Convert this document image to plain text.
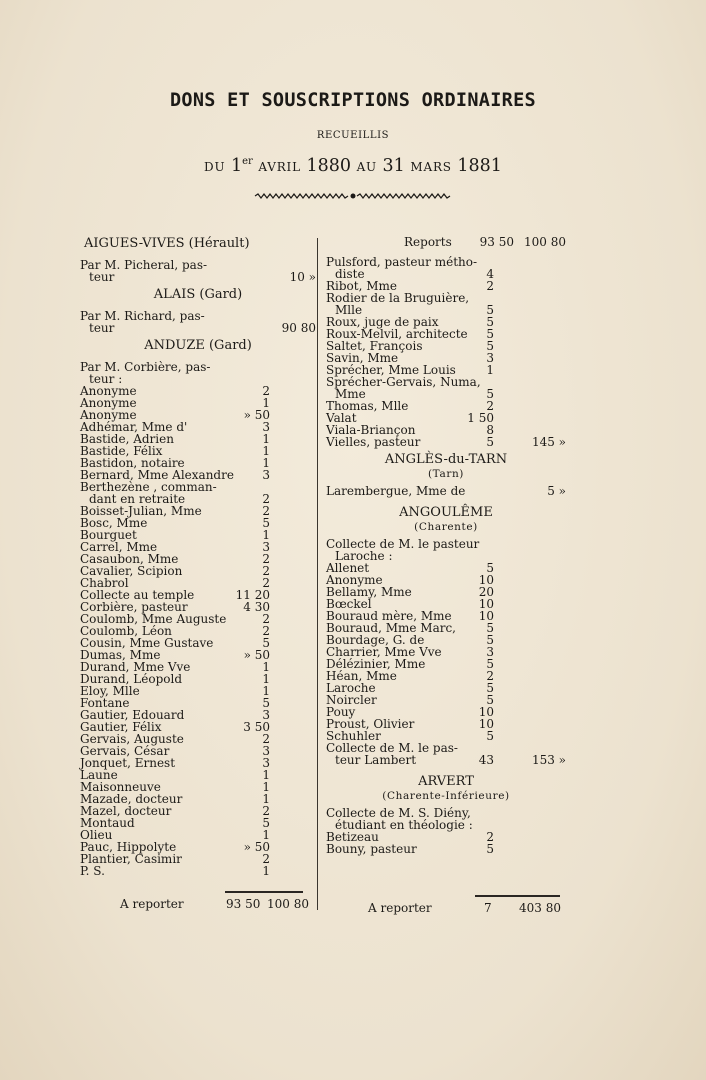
DONS ET SOUSCRIPTIONS ORDINAIRES
RECUEILLIS
DU 1er AVRIL 1880 AU 31 MARS 1881
AIGUES-VIVES (Hérault)
Par M. Picheral, pas-
teur	10 »
ALAIS (Gard)
Par M. Richard, pas-
teur	90 80
ANDUZE (Gard)
Par M. Corbière, pas-
teur :
Anonyme	2
Anonyme	1
Anonyme	» 50
Adhémar, Mme d'	3
Bastide, Adrien	1
Bastide, Félix	1
Bastidon, notaire	1
Bernard, Mme Alexandre 3
Berthezène , comman-
dant en retraite	2
Boisset-Julian, Mme	2
Bosc, Mme	5
Bourguet	1
Carrel, Mme	3
Casaubon, Mme	2
Cavalier, Scipion	2
Chabrol	2
Collecte au temple	11 20
Corbière, pasteur	4 30
Coulomb, Mme Auguste	2
Coulomb, Léon	2
Cousin, Mme Gustave	5
Dumas, Mme	» 50
Durand, Mme Vve	1
Durand, Léopold	1
Eloy, Mlle	1
Fontane	5
Gautier, Edouard	3
Gautier, Félix	3 50
Gervais, Auguste	2
Gervais, César	3
Jonquet, Ernest	3
Laune	1
Maisonneuve	1
Mazade, docteur	1
Mazel, docteur	2
Montaud	5
Olieu	1
Pauc, Hippolyte	» 50
Plantier, Casimir	2
P. S.	1
A reporter	93 50 100 80
Reports 93 50 100 80
Pulsford, pasteur métho-
diste	4
Ribot, Mme	2
Rodier de la Bruguière,
Mlle	5
Roux, juge de paix	5
Roux-Melvil, architecte 5
Saltet, François	5
Savin, Mme	3
Sprécher, Mme Louis	1
Sprécher-Gervais, Numa,
Mme	5
Thomas, Mlle	2
Valat	1 50
Viala-Briançon	8
Vielles, pasteur	5	145 »
ANGLÈS-du-TARN
(Tarn)
Larembergue, Mme de	5 »
ANGOULÊME
(Charente)
Collecte de M. le pasteur
Laroche :
Allenet	5
Anonyme	10
Bellamy, Mme	20
Bœckel	10
Bouraud mère, Mme 10
Bouraud, Mme Marc,	5
Bourdage, G. de	5
Charrier, Mme Vve	3
Délézinier, Mme	5
Héan, Mme	2
Laroche	5
Noircler	5
Pouy	10
Proust, Olivier	10
Schuhler	5
Collecte de M. le pas-
teur Lambert	43	153 »
ARVERT
(Charente-Inférieure)
Collecte de M. S. Diény,
étudiant en théologie :
Betizeau	2
Bouny, pasteur	5
A reporter	7 403 80
